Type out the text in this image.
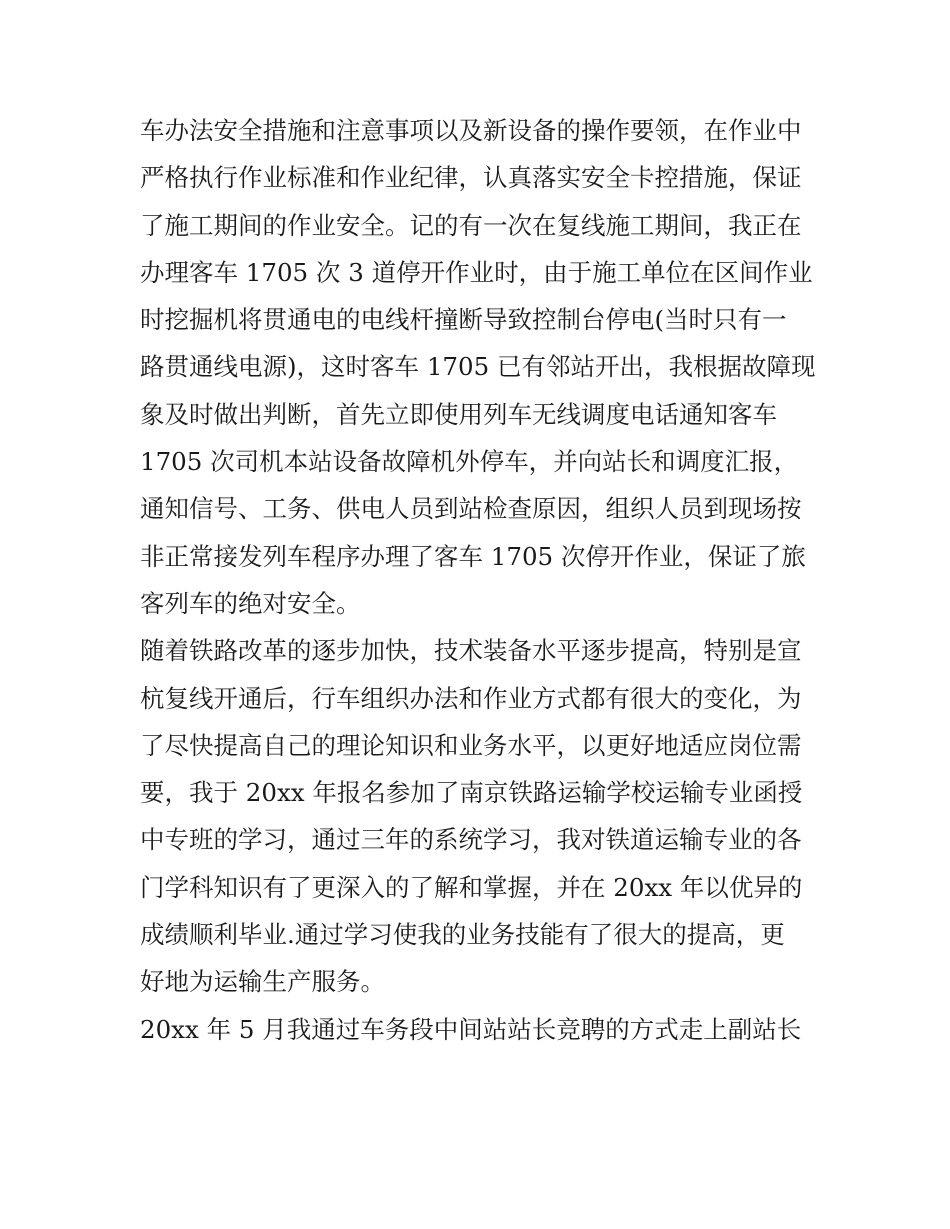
车办法安全措施和注意事项以及新设备的操作要领，在作业中
严格执行作业标准和作业纪律，认真落实安全卡控措施，保证
了施工期间的作业安全。记的有一次在复线施工期间，我正在
办理客车 1705 次 3 道停开作业时，由于施工单位在区间作业
时挖掘机将贯通电的电线杆撞断导致控制台停电(当时只有一
路贯通线电源)，这时客车 1705 已有邻站开出，我根据故障现
象及时做出判断，首先立即使用列车无线调度电话通知客车
1705 次司机本站设备故障机外停车，并向站长和调度汇报，
通知信号、工务、供电人员到站检查原因，组织人员到现场按
非正常接发列车程序办理了客车 1705 次停开作业，保证了旅
客列车的绝对安全。
随着铁路改革的逐步加快，技术装备水平逐步提高，特别是宣
杭复线开通后，行车组织办法和作业方式都有很大的变化，为
了尽快提高自己的理论知识和业务水平，以更好地适应岗位需
要，我于 20xx 年报名参加了南京铁路运输学校运输专业函授
中专班的学习，通过三年的系统学习，我对铁道运输专业的各
门学科知识有了更深入的了解和掌握，并在 20xx 年以优异的
成绩顺利毕业.通过学习使我的业务技能有了很大的提高，更
好地为运输生产服务。
20xx 年 5 月我通过车务段中间站站长竞聘的方式走上副站长
